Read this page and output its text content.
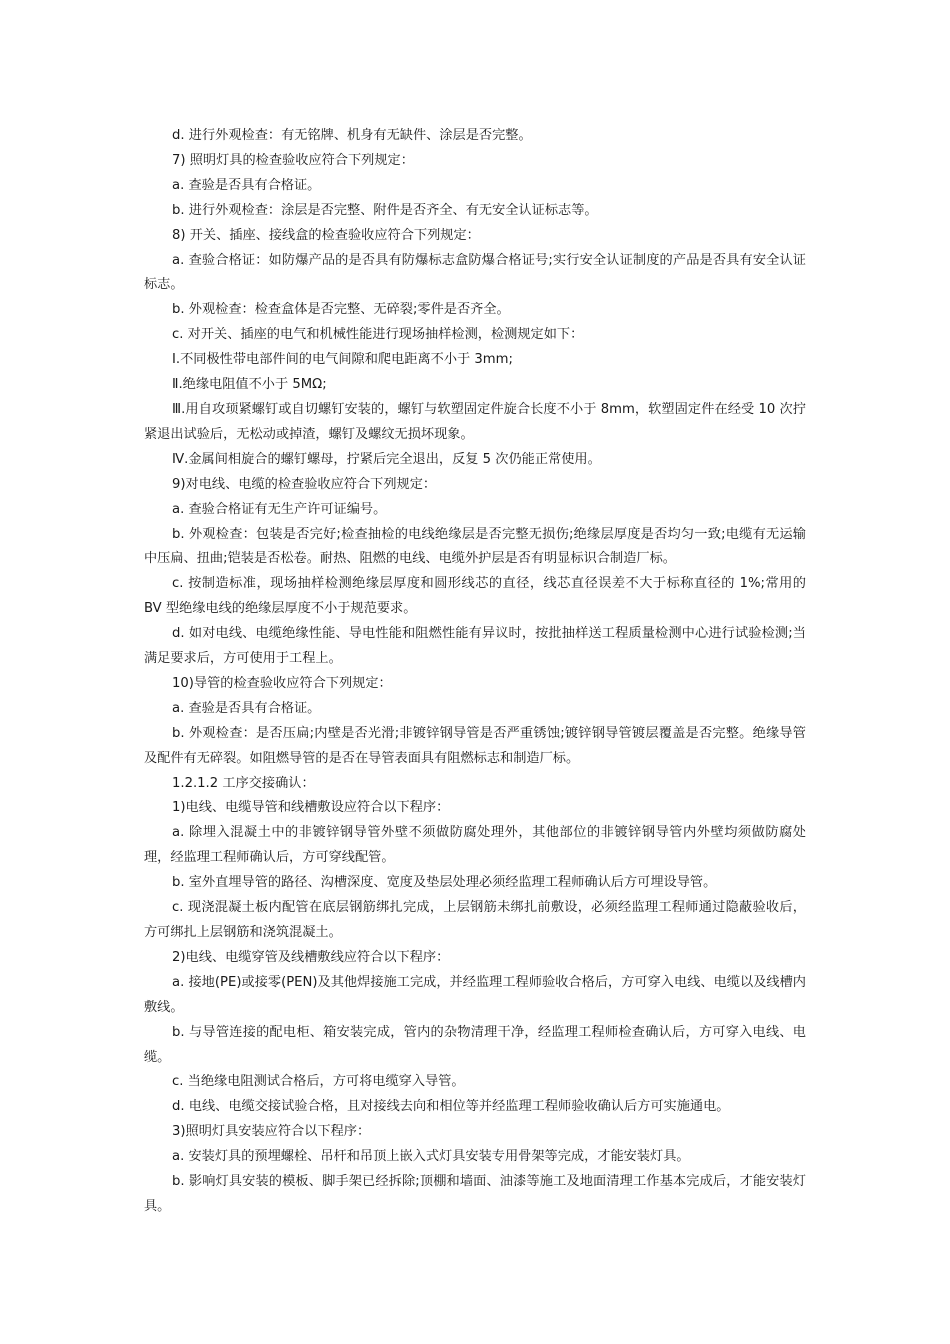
d. 进行外观检查：有无铭牌、机身有无缺件、涂层是否完整。

7) 照明灯具的检查验收应符合下列规定：

a. 查验是否具有合格证。

b. 进行外观检查：涂层是否完整、附件是否齐全、有无安全认证标志等。

8) 开关、插座、接线盒的检查验收应符合下列规定：

a. 查验合格证：如防爆产品的是否具有防爆标志盒防爆合格证号;实行安全认证制度的产品是否具有安全认证标志。

b. 外观检查：检查盒体是否完整、无碎裂;零件是否齐全。

c. 对开关、插座的电气和机械性能进行现场抽样检测，检测规定如下：

Ⅰ.不同极性带电部件间的电气间隙和爬电距离不小于 3mm;

Ⅱ.绝缘电阻值不小于 5MΩ;

Ⅲ.用自攻顼紧螺钉或自切螺钉安装的，螺钉与软塑固定件旋合长度不小于 8mm，软塑固定件在经受 10 次拧紧退出试验后，无松动或掉渣，螺钉及螺纹无损坏现象。

Ⅳ.金属间相旋合的螺钉螺母，拧紧后完全退出，反复 5 次仍能正常使用。

9)对电线、电缆的检查验收应符合下列规定：

a. 查验合格证有无生产许可证编号。

b. 外观检查：包装是否完好;检查抽检的电线绝缘层是否完整无损伤;绝缘层厚度是否均匀一致;电缆有无运输中压扁、扭曲;铠装是否松卷。耐热、阻燃的电线、电缆外护层是否有明显标识合制造厂标。

c. 按制造标准，现场抽样检测绝缘层厚度和圆形线芯的直径，线芯直径误差不大于标称直径的 1%;常用的 BV 型绝缘电线的绝缘层厚度不小于规范要求。

d. 如对电线、电缆绝缘性能、导电性能和阻燃性能有异议时，按批抽样送工程质量检测中心进行试验检测;当满足要求后，方可使用于工程上。

10)导管的检查验收应符合下列规定：

a. 查验是否具有合格证。

b. 外观检查：是否压扁;内壁是否光滑;非镀锌钢导管是否严重锈蚀;镀锌钢导管镀层覆盖是否完整。绝缘导管及配件有无碎裂。如阻燃导管的是否在导管表面具有阻燃标志和制造厂标。

1.2.1.2 工序交接确认：

1)电线、电缆导管和线槽敷设应符合以下程序：

a. 除埋入混凝土中的非镀锌钢导管外壁不须做防腐处理外，其他部位的非镀锌钢导管内外壁均须做防腐处理，经监理工程师确认后，方可穿线配管。

b. 室外直埋导管的路径、沟槽深度、宽度及垫层处理必须经监理工程师确认后方可埋设导管。

c. 现浇混凝土板内配管在底层钢筋绑扎完成，上层钢筋未绑扎前敷设，必须经监理工程师通过隐蔽验收后，方可绑扎上层钢筋和浇筑混凝土。

2)电线、电缆穿管及线槽敷线应符合以下程序：

a. 接地(PE)或接零(PEN)及其他焊接施工完成，并经监理工程师验收合格后，方可穿入电线、电缆以及线槽内敷线。

b. 与导管连接的配电柜、箱安装完成，管内的杂物清理干净，经监理工程师检查确认后，方可穿入电线、电缆。

c. 当绝缘电阻测试合格后，方可将电缆穿入导管。

d. 电线、电缆交接试验合格，且对接线去向和相位等并经监理工程师验收确认后方可实施通电。

3)照明灯具安装应符合以下程序：

a. 安装灯具的预埋螺栓、吊杆和吊顶上嵌入式灯具安装专用骨架等完成，才能安装灯具。

b. 影响灯具安装的模板、脚手架已经拆除;顶棚和墙面、油漆等施工及地面清理工作基本完成后，才能安装灯具。
